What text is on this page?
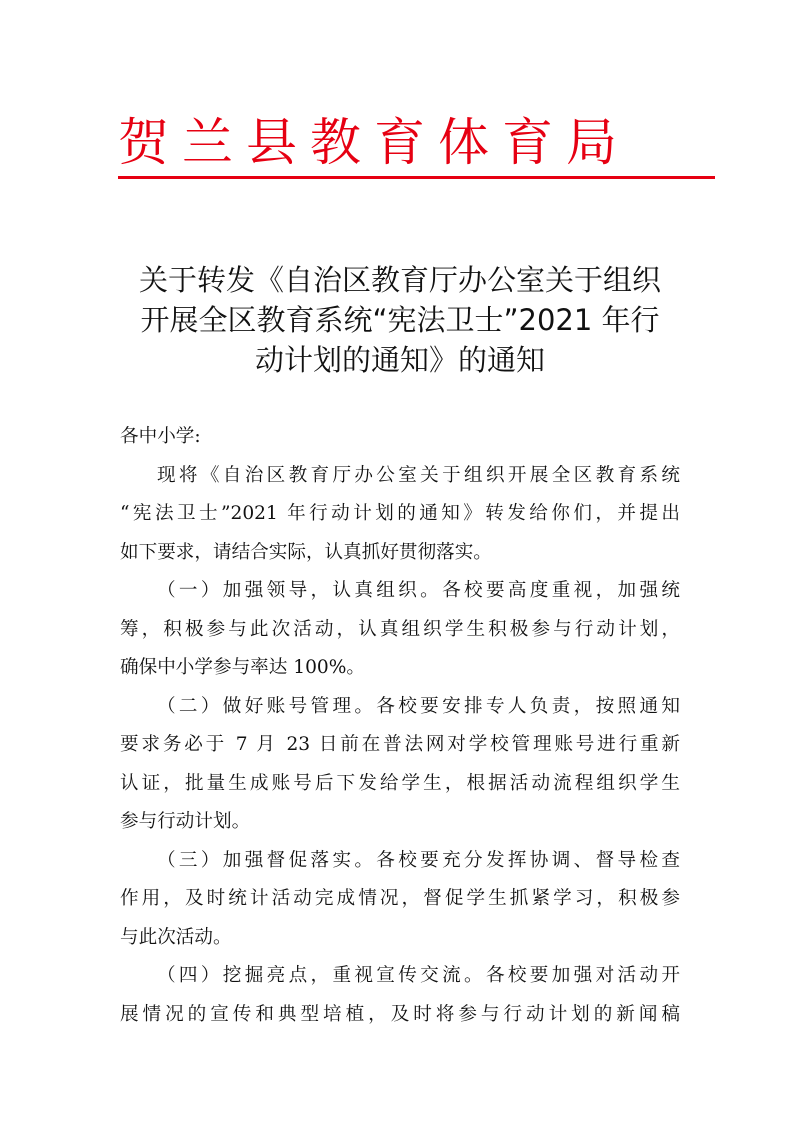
贺兰县教育体育局
关于转发《自治区教育厅办公室关于组织
开展全区教育系统“宪法卫士”2021 年行
动计划的通知》的通知
各中小学:
现将《自治区教育厅办公室关于组织开展全区教育系统
“宪法卫士”2021 年行动计划的通知》转发给你们，并提出
如下要求，请结合实际，认真抓好贯彻落实。
（一）加强领导，认真组织。各校要高度重视，加强统
筹，积极参与此次活动，认真组织学生积极参与行动计划，
确保中小学参与率达 100%。
（二）做好账号管理。各校要安排专人负责，按照通知
要求务必于 7 月 23 日前在普法网对学校管理账号进行重新
认证，批量生成账号后下发给学生，根据活动流程组织学生
参与行动计划。
（三）加强督促落实。各校要充分发挥协调、督导检查
作用，及时统计活动完成情况，督促学生抓紧学习，积极参
与此次活动。
（四）挖掘亮点，重视宣传交流。各校要加强对活动开
展情况的宣传和典型培植，及时将参与行动计划的新闻稿
